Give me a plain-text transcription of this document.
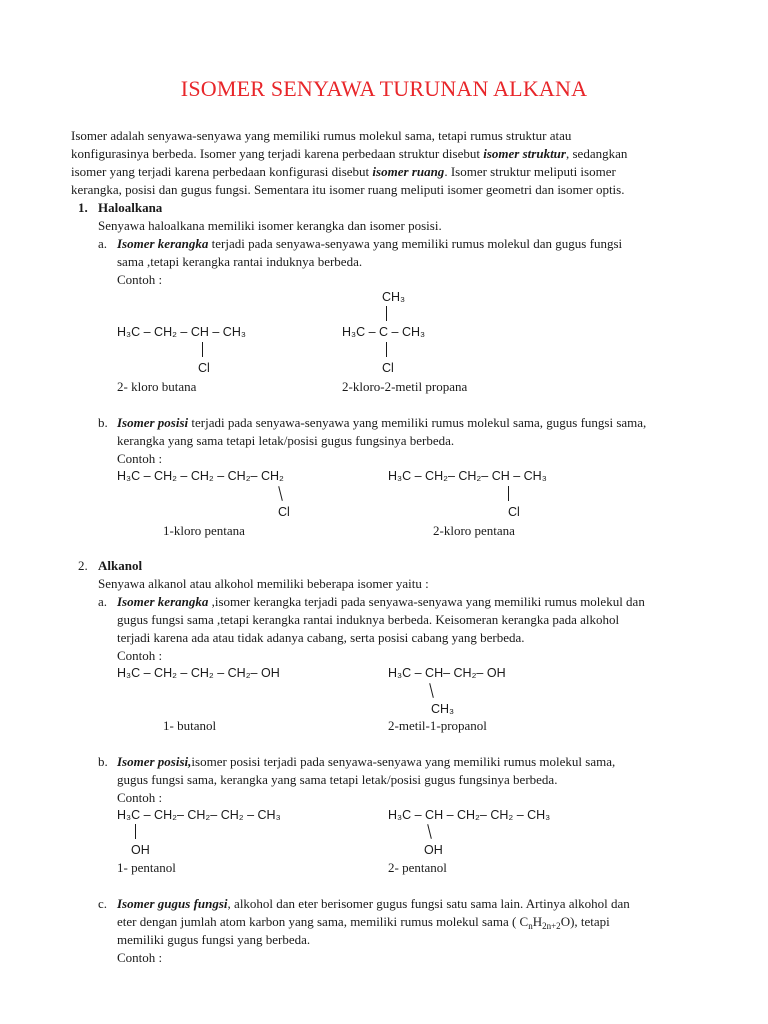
ISOMER SENYAWA TURUNAN ALKANA
Isomer adalah senyawa-senyawa yang memiliki rumus molekul sama, tetapi rumus struktur atau
konfigurasinya berbeda. Isomer yang terjadi karena perbedaan struktur disebut isomer struktur, sedangkan
isomer yang terjadi karena perbedaan konfigurasi disebut isomer ruang. Isomer struktur meliputi isomer
kerangka, posisi dan gugus fungsi. Sementara itu isomer ruang meliputi isomer geometri dan isomer optis.
1. Haloalkana
Senyawa haloalkana memiliki isomer kerangka dan isomer posisi.
a. Isomer kerangka terjadi pada senyawa-senyawa yang memiliki rumus molekul dan gugus fungsi
sama ,tetapi kerangka rantai induknya berbeda.
Contoh :
CH₃
H₃C – CH₂ – CH – CH₃	H₃C – C – CH₃
Cl	Cl
2- kloro butana	2-kloro-2-metil propana
b. Isomer posisi terjadi pada senyawa-senyawa yang memiliki rumus molekul sama, gugus fungsi sama,
kerangka yang sama tetapi letak/posisi gugus fungsinya berbeda.
Contoh :
H₃C – CH₂ – CH₂ – CH₂– CH₂	H₃C – CH₂– CH₂– CH – CH₃
Cl	Cl
1-kloro pentana	2-kloro pentana
2. Alkanol
Senyawa alkanol atau alkohol memiliki beberapa isomer yaitu :
a. Isomer kerangka ,isomer kerangka terjadi pada senyawa-senyawa yang memiliki rumus molekul dan
gugus fungsi sama ,tetapi kerangka rantai induknya berbeda. Keisomeran kerangka pada alkohol
terjadi karena ada atau tidak adanya cabang, serta posisi cabang yang berbeda.
Contoh :
H₃C – CH₂ – CH₂ – CH₂– OH	H₃C – CH– CH₂– OH
CH₃
1- butanol	2-metil-1-propanol
b. Isomer posisi,isomer posisi terjadi pada senyawa-senyawa yang memiliki rumus molekul sama,
gugus fungsi sama, kerangka yang sama tetapi letak/posisi gugus fungsinya berbeda.
Contoh :
H₃C – CH₂– CH₂– CH₂ – CH₃	H₃C – CH – CH₂– CH₂ – CH₃
OH	OH
1- pentanol	2- pentanol
c. Isomer gugus fungsi, alkohol dan eter berisomer gugus fungsi satu sama lain. Artinya alkohol dan
eter dengan jumlah atom karbon yang sama, memiliki rumus molekul sama ( $C_nH_{2n+2}O$), tetapi
memiliki gugus fungsi yang berbeda.
Contoh :
